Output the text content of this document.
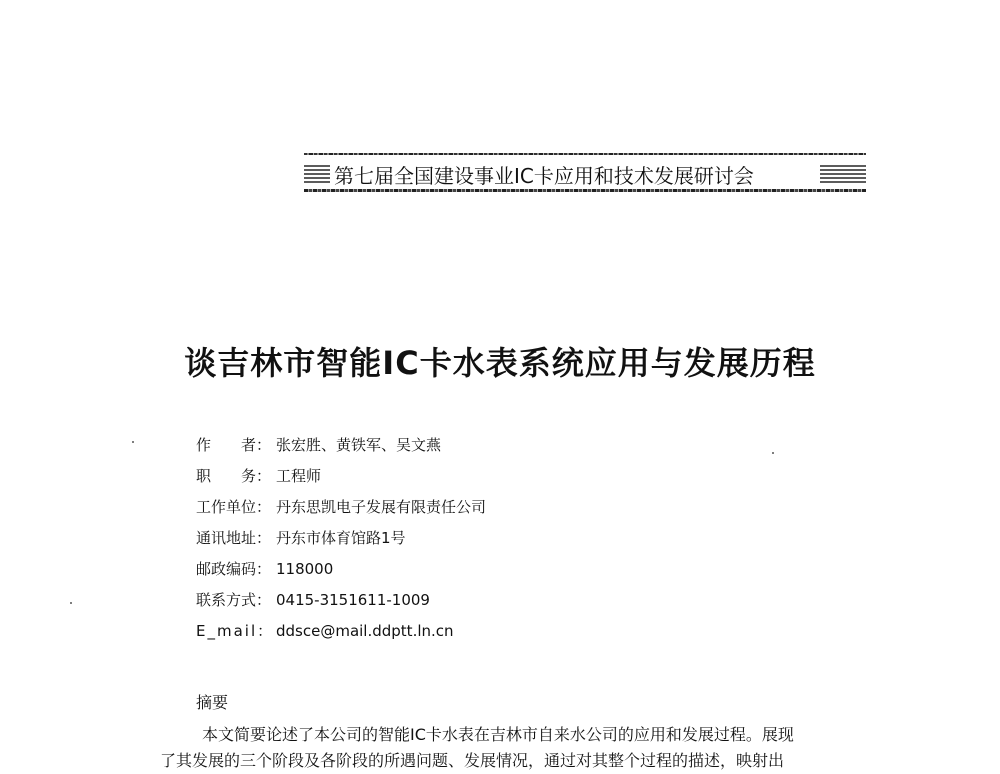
第七届全国建设事业IC卡应用和技术发展研讨会
谈吉林市智能IC卡水表系统应用与发展历程
作　　者： 张宏胜、黄铁军、吴文燕
职　　务： 工程师
工作单位： 丹东思凯电子发展有限责任公司
通讯地址： 丹东市体育馆路1号
邮政编码： 118000
联系方式： 0415-3151611-1009
E_mail： ddsce@mail.ddptt.ln.cn
摘要
本文简要论述了本公司的智能IC卡水表在吉林市自来水公司的应用和发展过程。展现
了其发展的三个阶段及各阶段的所遇问题、发展情况，通过对其整个过程的描述，映射出
